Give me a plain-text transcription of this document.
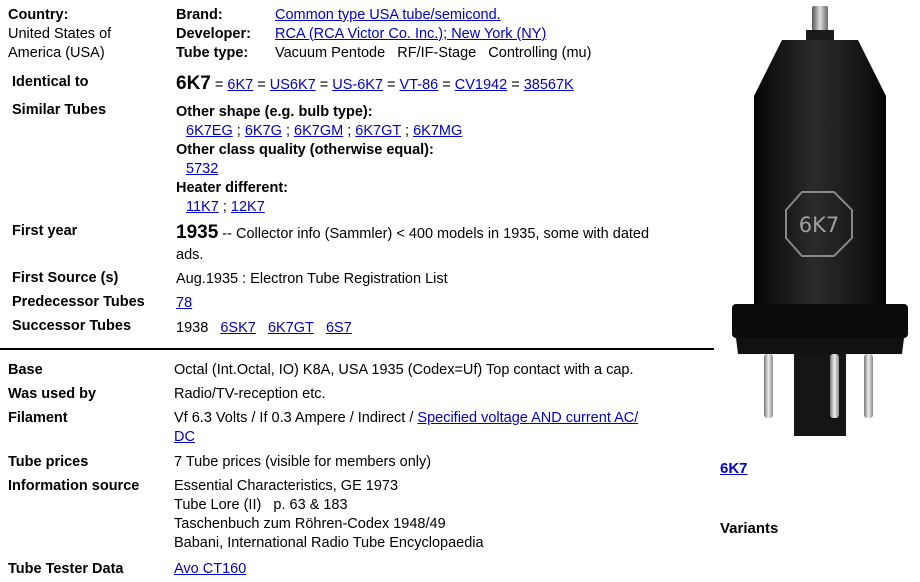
Country:
United States of
America (USA)
Brand:	Common type USA tube/semicond.
Developer: RCA (RCA Victor Co. Inc.); New York (NY)
Tube type: Vacuum Pentode   RF/IF-Stage   Controlling (mu)
Identical to	6K7 = 6K7 = US6K7 = US-6K7 = VT-86 = CV1942 = 38567K
Similar Tubes	Other shape (e.g. bulb type):
6K7EG ; 6K7G ; 6K7GM ; 6K7GT ; 6K7MG
Other class quality (otherwise equal):
5732
Heater different:
11K7 ; 12K7
First year	1935 -- Collector info (Sammler) < 400 models in 1935, some with dated
ads.
First Source (s)	Aug.1935 : Electron Tube Registration List
Predecessor Tubes 78
Successor Tubes	1938 6SK7 6K7GT 6S7
Base	Octal (Int.Octal, IO) K8A, USA 1935 (Codex=Uf) Top contact with a cap.
Was used by	Radio/TV-reception etc.
Filament	Vf 6.3 Volts / If 0.3 Ampere / Indirect / Specified voltage AND current AC/
DC
Tube prices	7 Tube prices (visible for members only)
Information source Essential Characteristics, GE 1973
Tube Lore (II)   p. 63 & 183
Taschenbuch zum Röhren-Codex 1948/49
Babani, International Radio Tube Encyclopaedia
Tube Tester Data	Avo CT160
6K7
6K7
Variants
